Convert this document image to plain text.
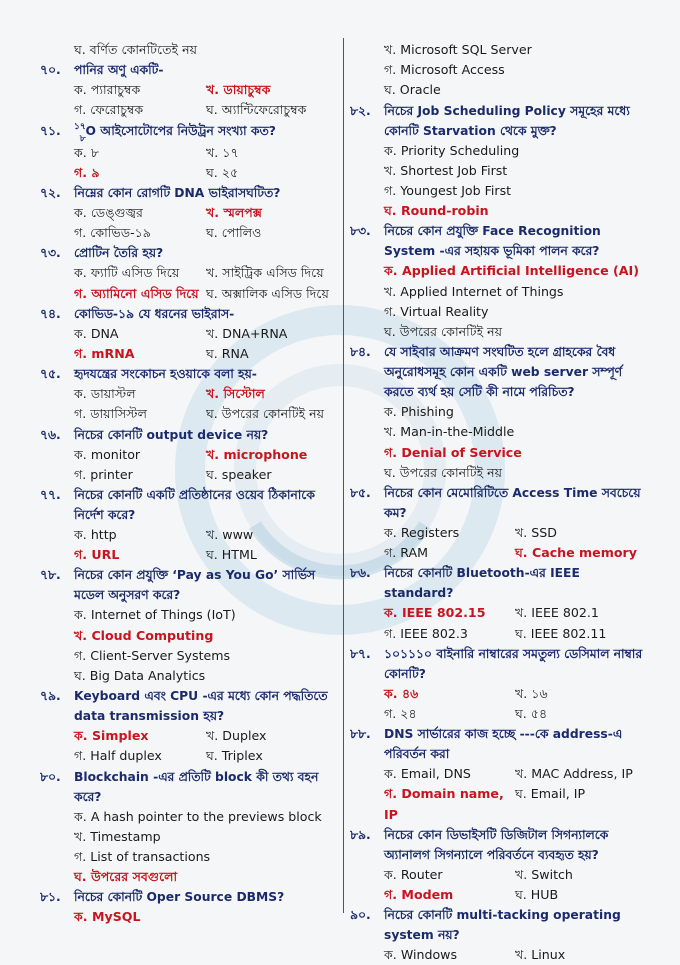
ঘ. বর্ণিত কোনটিতেই নয়
৭০.	পানির অণু একটি-
ক. প্যারাচুম্বক	খ. ডায়াচুম্বক
গ. ফেরোচুম্বক	ঘ. অ্যান্টিফেরোচুম্বক
৭১.	$^{১৭}_৮$O আইসোটোপের নিউট্রন সংখ্যা কত?
ক. ৮	খ. ১৭
গ. ৯	ঘ. ২৫
৭২.	নিম্নের কোন রোগটি DNA ভাইরাসঘটিত?
ক. ডেঙ্গুজ্বর	খ. স্মলপক্স
গ. কোভিড-১৯	ঘ. পোলিও
৭৩.	প্রোটিন তৈরি হয়?
ক. ফ্যাটি এসিড দিয়ে	খ. সাইট্রিক এসিড দিয়ে
গ. অ্যামিনো এসিড দিয়ে ঘ. অক্সালিক এসিড দিয়ে
৭৪.	কোভিড-১৯ যে ধরনের ভাইরাস-
ক. DNA	খ. DNA+RNA
গ. mRNA	ঘ. RNA
৭৫.	হৃদযন্ত্রের সংকোচন হওয়াকে বলা হয়-
ক. ডায়াস্টল	খ. সিস্টোল
গ. ডায়াসিস্টল	ঘ. উপরের কোনটিই নয়
৭৬.	নিচের কোনটি output device নয়?
ক. monitor	খ. microphone
গ. printer	ঘ. speaker
৭৭.	নিচের কোনটি একটি প্রতিষ্ঠানের ওয়েব ঠিকানাকে নির্দেশ করে?
ক. http	খ. www
গ. URL	ঘ. HTML
৭৮.	নিচের কোন প্রযুক্তি ‘Pay as You Go’ সার্ভিস মডেল অনুসরণ করে?
ক. Internet of Things (IoT)
খ. Cloud Computing
গ. Client-Server Systems
ঘ. Big Data Analytics
৭৯.	Keyboard এবং CPU -এর মধ্যে কোন পদ্ধতিতে data transmission হয়?
ক. Simplex	খ. Duplex
গ. Half duplex	ঘ. Triplex
৮০.	Blockchain -এর প্রতিটি block কী তথ্য বহন করে?
ক. A hash pointer to the previews block
খ. Timestamp
গ. List of transactions
ঘ. উপরের সবগুলো
৮১.	নিচের কোনটি Oper Source DBMS?
ক. MySQL
খ. Microsoft SQL Server
গ. Microsoft Access
ঘ. Oracle
৮২.	নিচের Job Scheduling Policy সমূহের মধ্যে কোনটি Starvation থেকে মুক্ত?
ক. Priority Scheduling
খ. Shortest Job First
গ. Youngest Job First
ঘ. Round-robin
৮৩.	নিচের কোন প্রযুক্তি Face Recognition System -এর সহায়ক ভূমিকা পালন করে?
ক. Applied Artificial Intelligence (AI)
খ. Applied Internet of Things
গ. Virtual Reality
ঘ. উপরের কোনটিই নয়
৮৪.	যে সাইবার আক্রমণ সংঘটিত হলে গ্রাহকের বৈধ অনুরোধসমূহ কোন একটি web server সম্পূর্ণ করতে ব্যর্থ হয় সেটি কী নামে পরিচিত?
ক. Phishing
খ. Man-in-the-Middle
গ. Denial of Service
ঘ. উপরের কোনটিই নয়
৮৫.	নিচের কোন মেমোরিটিতে Access Time সবচেয়ে কম?
ক. Registers	খ. SSD
গ. RAM	ঘ. Cache memory
৮৬.	নিচের কোনটি Bluetooth-এর IEEE standard?
ক. IEEE 802.15	খ. IEEE 802.1
গ. IEEE 802.3	ঘ. IEEE 802.11
৮৭.	১০১১১০ বাইনারি নাম্বারের সমতুল্য ডেসিমাল নাম্বার কোনটি?
ক. ৪৬	খ. ১৬
গ. ২৪	ঘ. ৫৪
৮৮.	DNS সার্ভারের কাজ হচ্ছে ---কে address-এ পরিবর্তন করা
ক. Email, DNS	খ. MAC Address, IP
গ. Domain name, IP
ঘ. Email, IP
৮৯.	নিচের কোন ডিভাইসটি ডিজিটাল সিগন্যালকে অ্যানালগ সিগন্যালে পরিবর্তনে ব্যবহৃত হয়?
ক. Router	খ. Switch
গ. Modem	ঘ. HUB
৯০.	নিচের কোনটি multi-tacking operating system নয়?
ক. Windows	খ. Linux
